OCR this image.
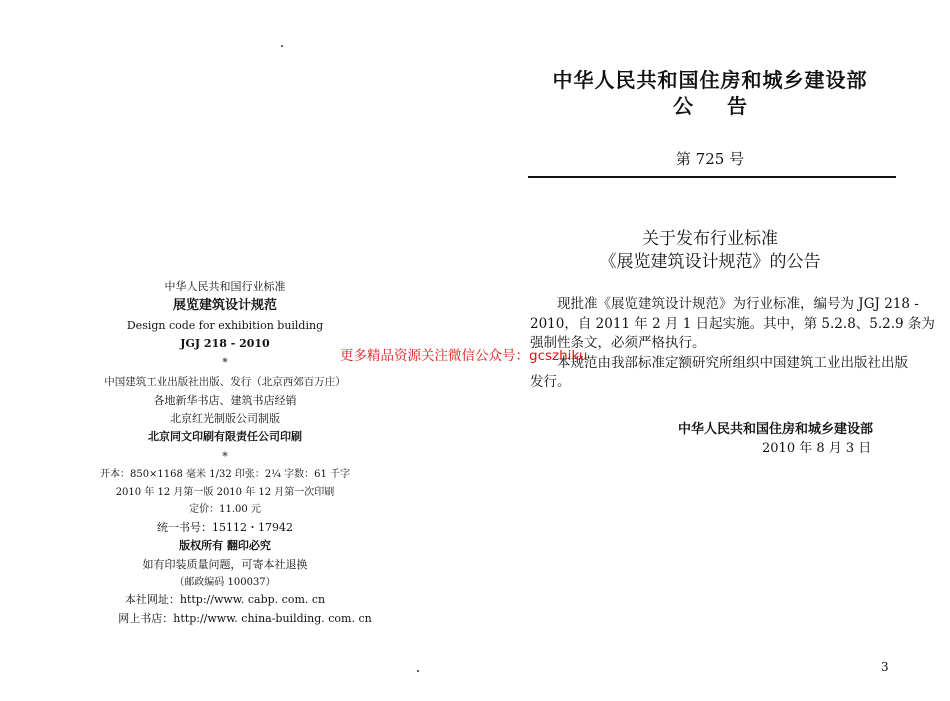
中华人民共和国行业标准
展览建筑设计规范
Design code for exhibition building
JGJ 218 - 2010
*
中国建筑工业出版社出版、发行（北京西郊百万庄）
各地新华书店、建筑书店经销
北京红光制版公司制版
北京同文印刷有限责任公司印刷
*
开本：850×1168 毫米 1/32 印张：2¼ 字数：61 千字
2010 年 12 月第一版 2010 年 12 月第一次印刷
定价：11.00 元
统一书号：15112・17942
版权所有 翻印必究
如有印装质量问题，可寄本社退换
（邮政编码 100037）
本社网址：http://www. cabp. com. cn
网上书店：http://www. china-building. com. cn
中华人民共和国住房和城乡建设部
公告
第 725 号
关于发布行业标准
《展览建筑设计规范》的公告
现批准《展览建筑设计规范》为行业标准，编号为 JGJ 218 -
2010，自 2011 年 2 月 1 日起实施。其中，第 5.2.8、5.2.9 条为
强制性条文，必须严格执行。
本规范由我部标准定额研究所组织中国建筑工业出版社出版
发行。
更多精品资源关注微信公众号：gcszhiku
中华人民共和国住房和城乡建设部
2010 年 8 月 3 日
3
